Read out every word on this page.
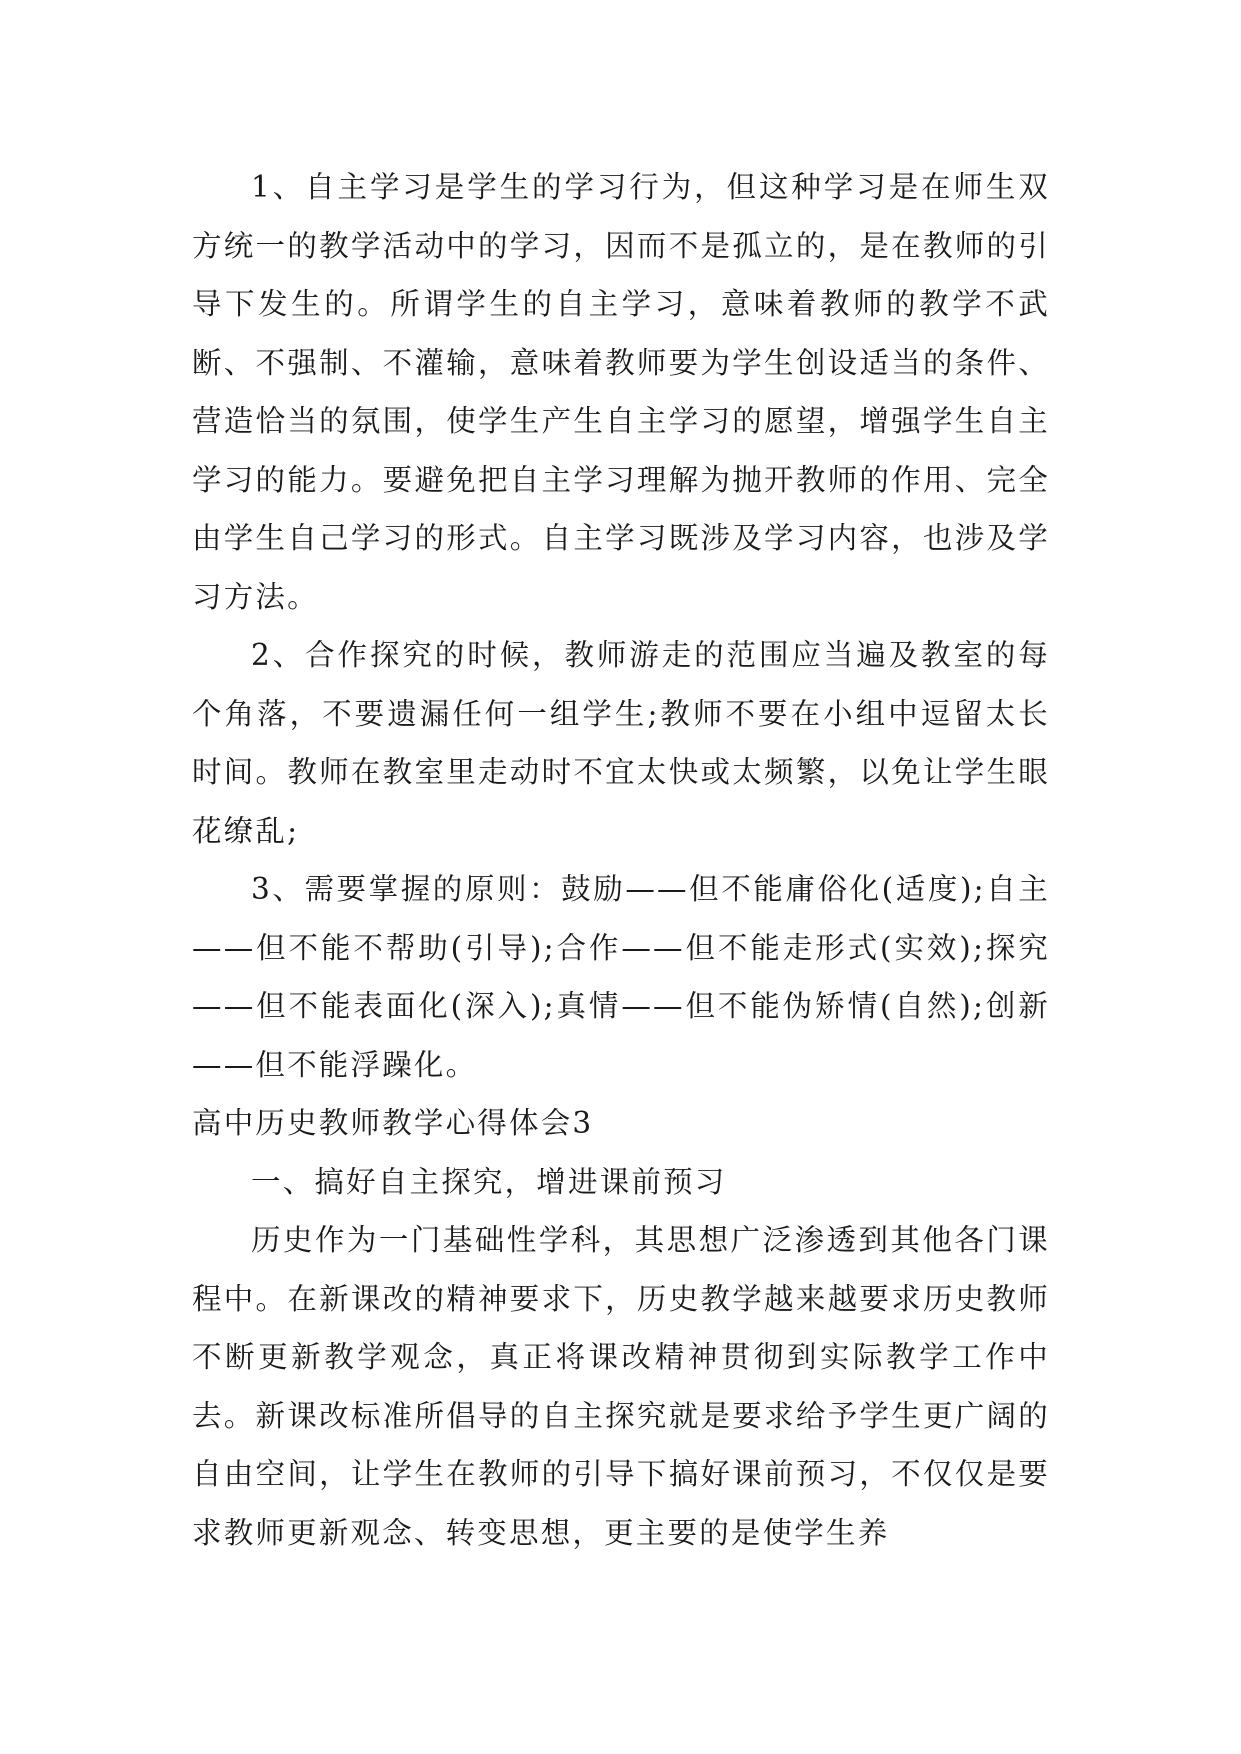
1、自主学习是学生的学习行为，但这种学习是在师生双方统一的教学活动中的学习，因而不是孤立的，是在教师的引导下发生的。所谓学生的自主学习，意味着教师的教学不武断、不强制、不灌输，意味着教师要为学生创设适当的条件、营造恰当的氛围，使学生产生自主学习的愿望，增强学生自主学习的能力。要避免把自主学习理解为抛开教师的作用、完全由学生自己学习的形式。自主学习既涉及学习内容，也涉及学习方法。

2、合作探究的时候，教师游走的范围应当遍及教室的每个角落，不要遗漏任何一组学生;教师不要在小组中逗留太长时间。教师在教室里走动时不宜太快或太频繁，以免让学生眼花缭乱;

3、需要掌握的原则：鼓励——但不能庸俗化(适度);自主——但不能不帮助(引导);合作——但不能走形式(实效);探究——但不能表面化(深入);真情——但不能伪矫情(自然);创新——但不能浮躁化。

高中历史教师教学心得体会3

一、搞好自主探究，增进课前预习

历史作为一门基础性学科，其思想广泛渗透到其他各门课程中。在新课改的精神要求下，历史教学越来越要求历史教师不断更新教学观念，真正将课改精神贯彻到实际教学工作中去。新课改标准所倡导的自主探究就是要求给予学生更广阔的自由空间，让学生在教师的引导下搞好课前预习，不仅仅是要求教师更新观念、转变思想，更主要的是使学生养
